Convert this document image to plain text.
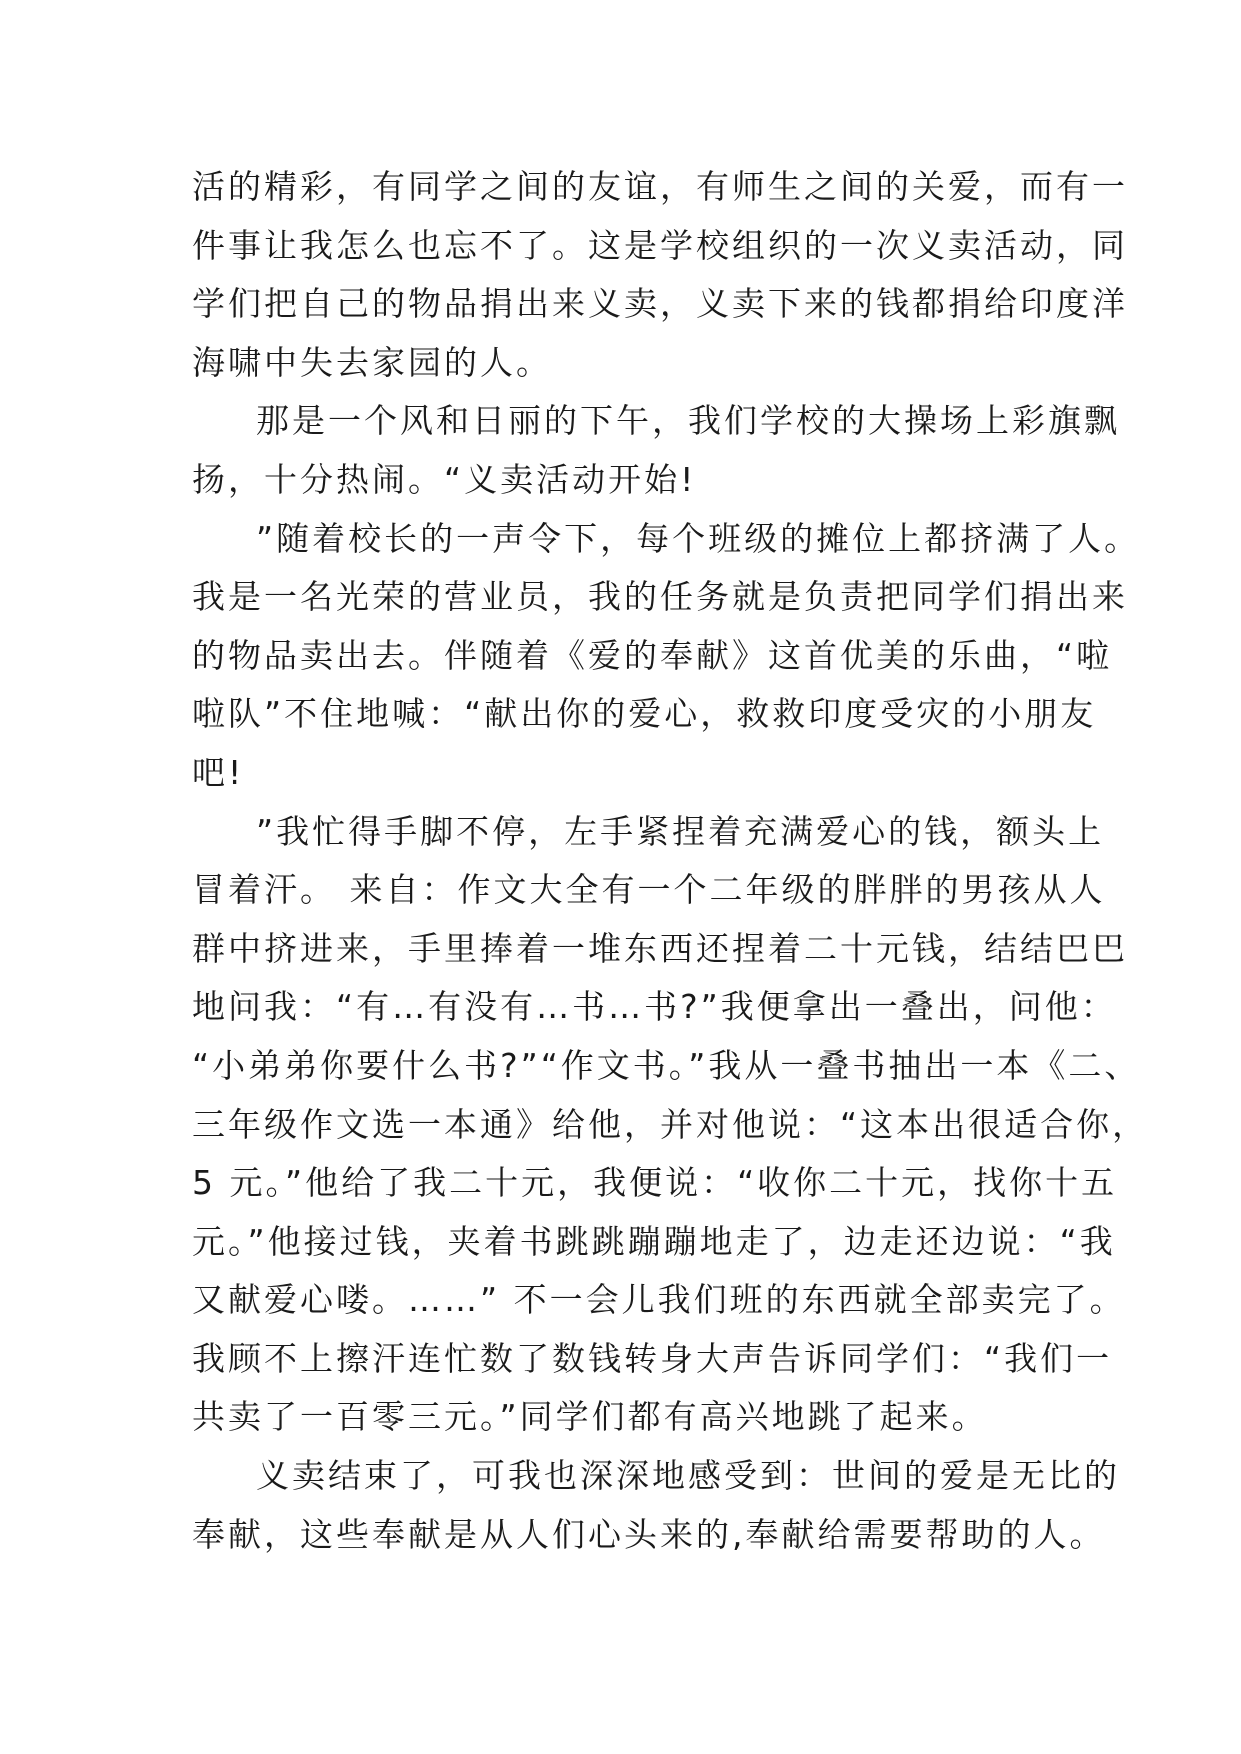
活的精彩，有同学之间的友谊，有师生之间的关爱，而有一
件事让我怎么也忘不了。这是学校组织的一次义卖活动，同
学们把自己的物品捐出来义卖，义卖下来的钱都捐给印度洋
海啸中失去家园的人。
那是一个风和日丽的下午，我们学校的大操场上彩旗飘
扬，十分热闹。“义卖活动开始!
”随着校长的一声令下，每个班级的摊位上都挤满了人。
我是一名光荣的营业员，我的任务就是负责把同学们捐出来
的物品卖出去。伴随着《爱的奉献》这首优美的乐曲，“啦
啦队”不住地喊：“献出你的爱心，救救印度受灾的小朋友
吧!
”我忙得手脚不停，左手紧捏着充满爱心的钱，额头上
冒着汗。 来自：作文大全有一个二年级的胖胖的男孩从人
群中挤进来，手里捧着一堆东西还捏着二十元钱，结结巴巴
地问我：“有…有没有…书…书?”我便拿出一叠出，问他：
“小弟弟你要什么书?”“作文书。”我从一叠书抽出一本《二、
三年级作文选一本通》给他，并对他说：“这本出很适合你，
5 元。”他给了我二十元，我便说：“收你二十元，找你十五
元。”他接过钱，夹着书跳跳蹦蹦地走了，边走还边说：“我
又献爱心喽。……” 不一会儿我们班的东西就全部卖完了。
我顾不上擦汗连忙数了数钱转身大声告诉同学们：“我们一
共卖了一百零三元。”同学们都有高兴地跳了起来。
义卖结束了，可我也深深地感受到：世间的爱是无比的
奉献，这些奉献是从人们心头来的,奉献给需要帮助的人。
